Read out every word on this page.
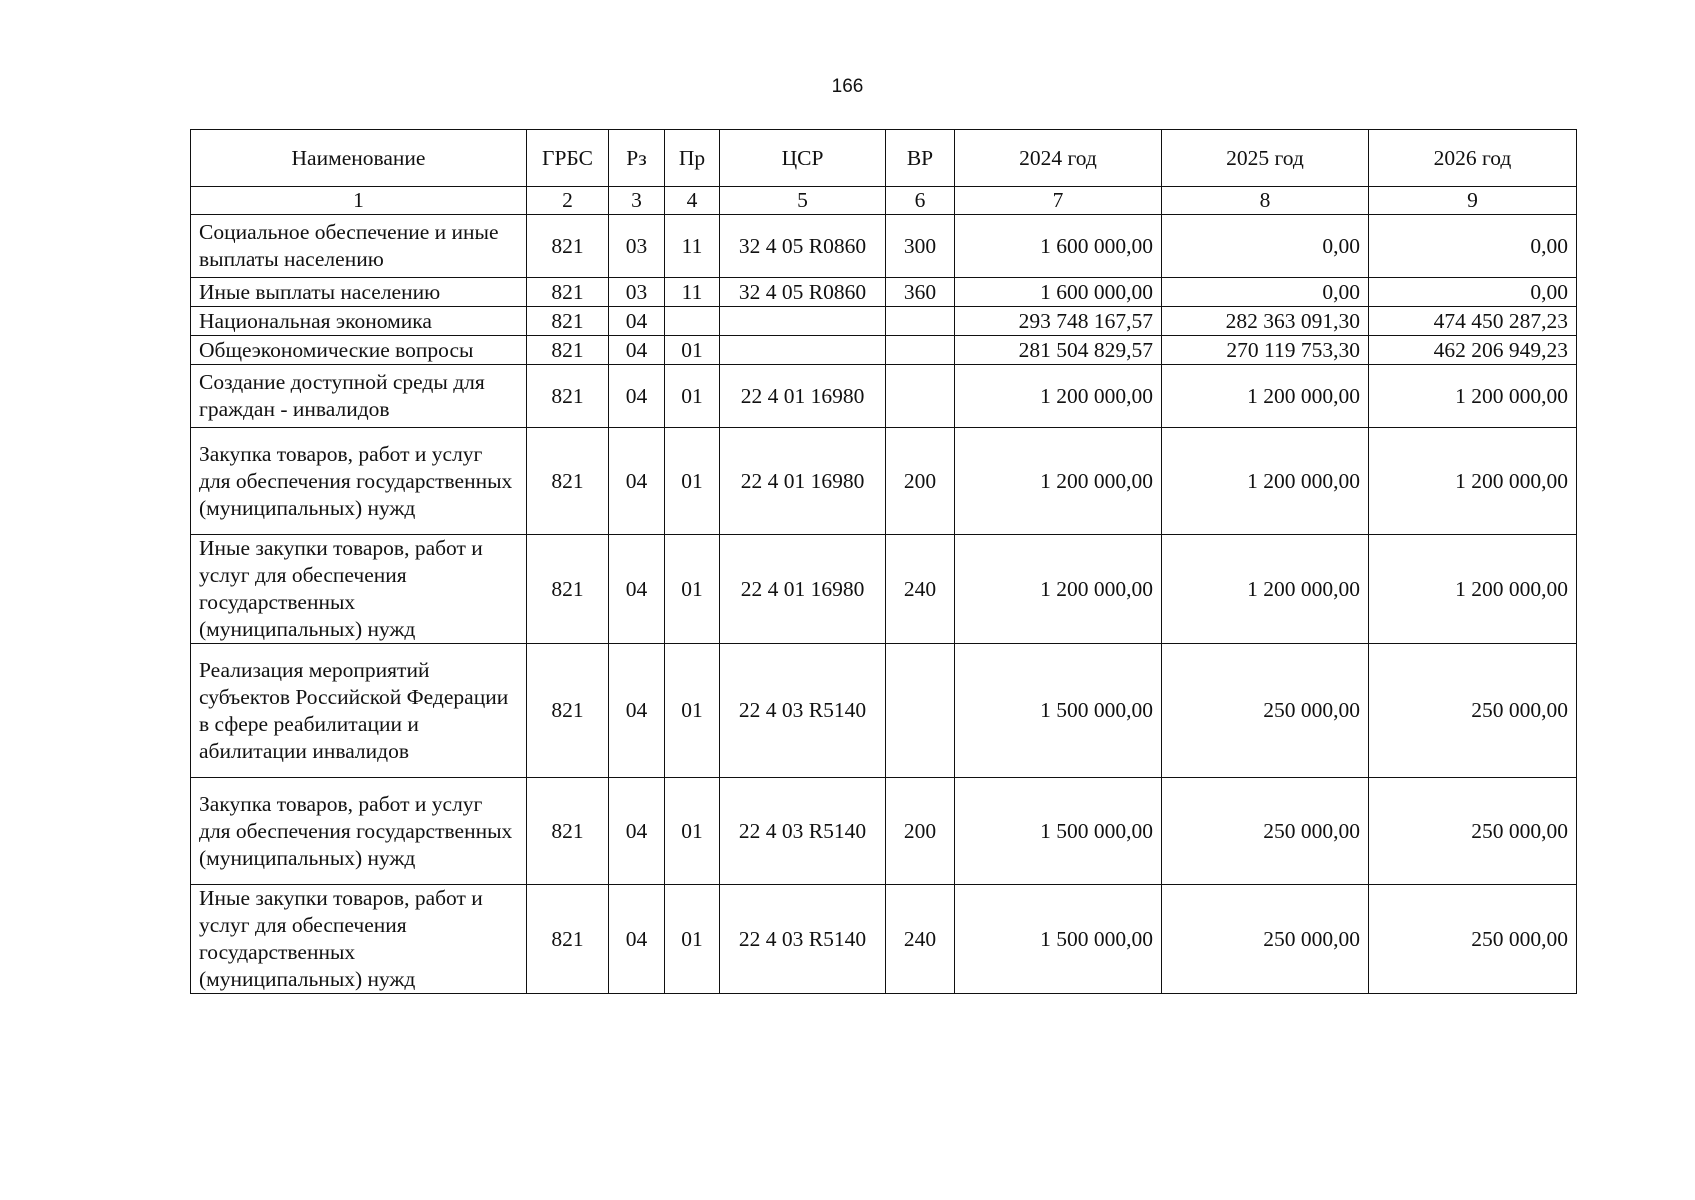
166
Наименование	ГРБС	Рз	Пр	ЦСР	ВР	2024 год	2025 год	2026 год
1	2	3	4	5	6	7	8	9
Социальное обеспечение и иные выплаты населению	821	03	11	32 4 05 R0860	300	1 600 000,00	0,00	0,00
Иные выплаты населению	821	03	11	32 4 05 R0860	360	1 600 000,00	0,00	0,00
Национальная экономика	821	04				293 748 167,57	282 363 091,30	474 450 287,23
Общеэкономические вопросы	821	04	01			281 504 829,57	270 119 753,30	462 206 949,23
Создание доступной среды для граждан - инвалидов	821	04	01	22 4 01 16980		1 200 000,00	1 200 000,00	1 200 000,00
Закупка товаров, работ и услуг для обеспечения государственных (муниципальных) нужд	821	04	01	22 4 01 16980	200	1 200 000,00	1 200 000,00	1 200 000,00
Иные закупки товаров, работ и услуг для обеспечения государственных (муниципальных) нужд	821	04	01	22 4 01 16980	240	1 200 000,00	1 200 000,00	1 200 000,00
Реализация мероприятий субъектов Российской Федерации в сфере реабилитации и абилитации инвалидов	821	04	01	22 4 03 R5140		1 500 000,00	250 000,00	250 000,00
Закупка товаров, работ и услуг для обеспечения государственных (муниципальных) нужд	821	04	01	22 4 03 R5140	200	1 500 000,00	250 000,00	250 000,00
Иные закупки товаров, работ и услуг для обеспечения государственных (муниципальных) нужд	821	04	01	22 4 03 R5140	240	1 500 000,00	250 000,00	250 000,00
